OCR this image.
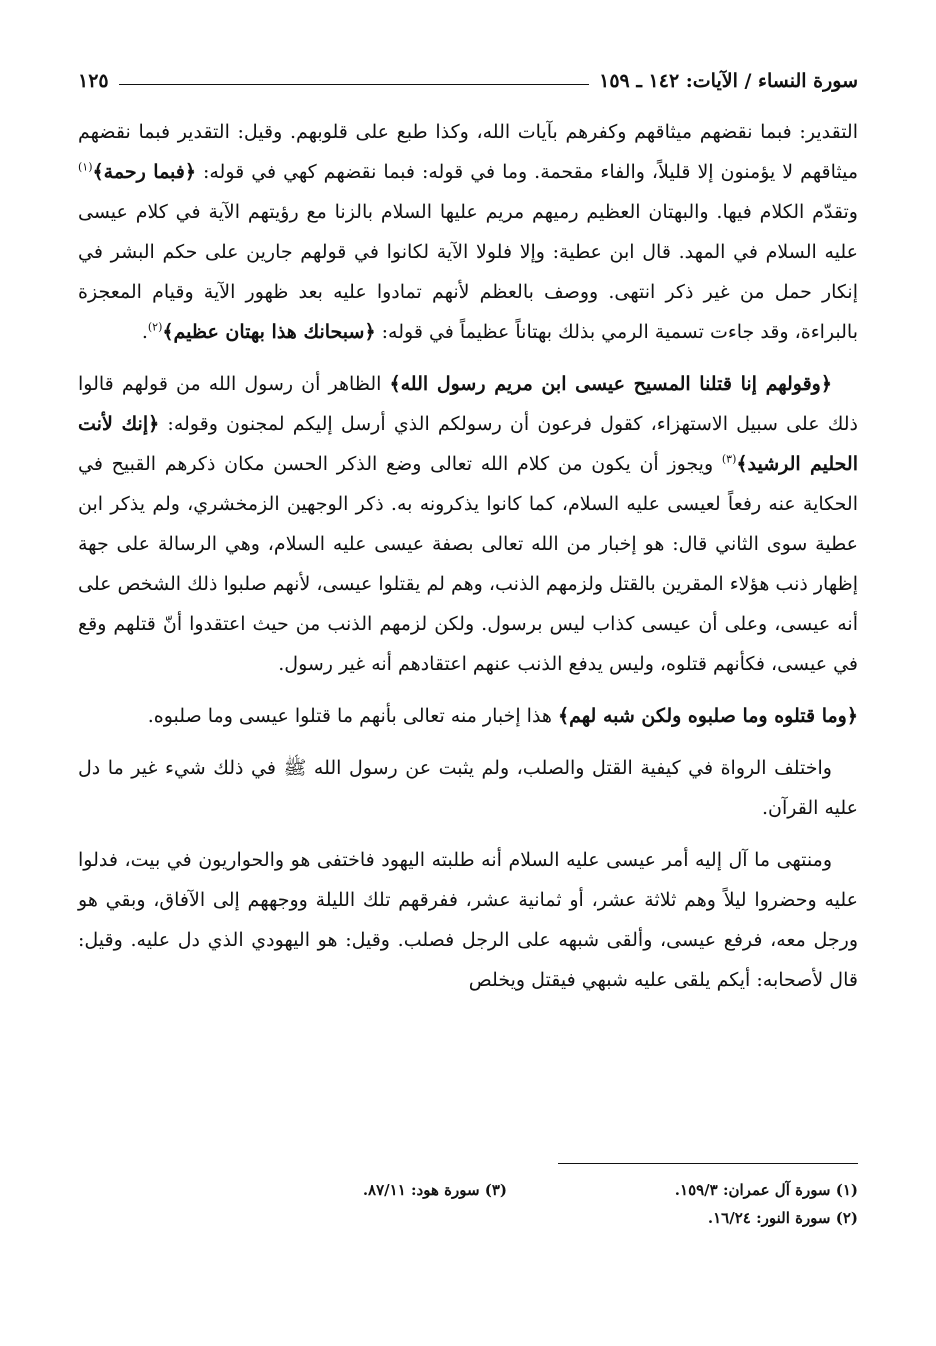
سورة النساء / الآيات: ١٤٢ ـ ١٥٩
١٢٥

التقدير: فبما نقضهم ميثاقهم وكفرهم بآيات الله، وكذا طبع على قلوبهم. وقيل: التقدير فبما نقضهم ميثاقهم لا يؤمنون إلا قليلاً، والفاء مقحمة. وما في قوله: فبما نقضهم كهي في قوله: ﴿فبما رحمة﴾$^{(١)}$ وتقدّم الكلام فيها. والبهتان العظيم رميهم مريم عليها السلام بالزنا مع رؤيتهم الآية في كلام عيسى عليه السلام في المهد. قال ابن عطية: وإلا فلولا الآية لكانوا في قولهم جارين على حكم البشر في إنكار حمل من غير ذكر انتهى. ووصف بالعظم لأنهم تمادوا عليه بعد ظهور الآية وقيام المعجزة بالبراءة، وقد جاءت تسمية الرمي بذلك بهتاناً عظيماً في قوله: ﴿سبحانك هذا بهتان عظيم﴾$^{(٢)}$.

﴿وقولهم إنا قتلنا المسيح عيسى ابن مريم رسول الله﴾ الظاهر أن رسول الله من قولهم قالوا ذلك على سبيل الاستهزاء، كقول فرعون أن رسولكم الذي أرسل إليكم لمجنون وقوله: ﴿إنك لأنت الحليم الرشيد﴾$^{(٣)}$ ويجوز أن يكون من كلام الله تعالى وضع الذكر الحسن مكان ذكرهم القبيح في الحكاية عنه رفعاً لعيسى عليه السلام، كما كانوا يذكرونه به. ذكر الوجهين الزمخشري، ولم يذكر ابن عطية سوى الثاني قال: هو إخبار من الله تعالى بصفة عيسى عليه السلام، وهي الرسالة على جهة إظهار ذنب هؤلاء المقرين بالقتل ولزمهم الذنب، وهم لم يقتلوا عيسى، لأنهم صلبوا ذلك الشخص على أنه عيسى، وعلى أن عيسى كذاب ليس برسول. ولكن لزمهم الذنب من حيث اعتقدوا أنّ قتلهم وقع في عيسى، فكأنهم قتلوه، وليس يدفع الذنب عنهم اعتقادهم أنه غير رسول.

﴿وما قتلوه وما صلبوه ولكن شبه لهم﴾ هذا إخبار منه تعالى بأنهم ما قتلوا عيسى وما صلبوه.

واختلف الرواة في كيفية القتل والصلب، ولم يثبت عن رسول الله ﷺ في ذلك شيء غير ما دل عليه القرآن.

ومنتهى ما آل إليه أمر عيسى عليه السلام أنه طلبته اليهود فاختفى هو والحواريون في بيت، فدلوا عليه وحضروا ليلاً وهم ثلاثة عشر، أو ثمانية عشر، ففرقهم تلك الليلة ووجههم إلى الآفاق، وبقي هو ورجل معه، فرفع عيسى، وألقى شبهه على الرجل فصلب. وقيل: هو اليهودي الذي دل عليه. وقيل: قال لأصحابه: أيكم يلقى عليه شبهي فيقتل ويخلص

(١) سورة آل عمران: ١٥٩/٣.
(٣) سورة هود: ٨٧/١١.
(٢) سورة النور: ١٦/٢٤.
